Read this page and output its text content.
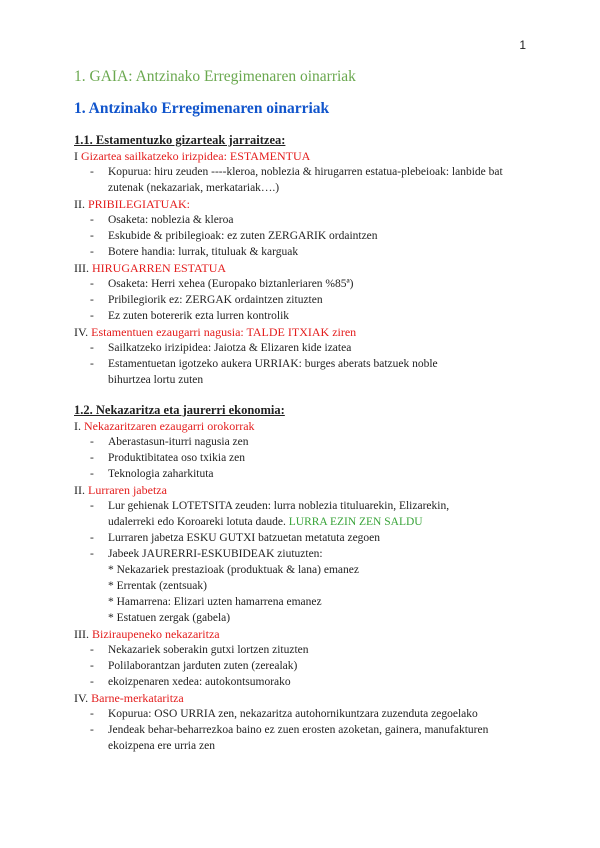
1
1. GAIA: Antzinako Erregimenaren oinarriak
1. Antzinako Erregimenaren oinarriak

1.1. Estamentuzko gizarteak jarraitzea:

I Gizartea sailkatzeko irizpidea: ESTAMENTUA

- Kopurua: hiru zeuden ----kleroa, noblezia & hirugarren estatua-plebeioak: lanbide bat

zutenak (nekazariak, merkatariak….)

II. PRIBILEGIATUAK:

- Osaketa: noblezia & kleroa

- Eskubide & pribilegioak: ez zuten ZERGARIK ordaintzen

- Botere handia: lurrak, tituluak & karguak

III. HIRUGARREN ESTATUA

- Osaketa: Herri xehea (Europako biztanleriaren %85ª)

- Pribilegiorik ez: ZERGAK ordaintzen zituzten

- Ez zuten botererik ezta lurren kontrolik

IV. Estamentuen ezaugarri nagusia: TALDE ITXIAK ziren

- Sailkatzeko irizipidea: Jaiotza & Elizaren kide izatea

- Estamentuetan igotzeko aukera URRIAK: burges aberats batzuek noble

bihurtzea lortu zuten

1.2. Nekazaritza eta jaurerri ekonomia:

I. Nekazaritzaren ezaugarri orokorrak

- Aberastasun-iturri nagusia zen

- Produktibitatea oso txikia zen

- Teknologia zaharkituta

II. Lurraren jabetza

- Lur gehienak LOTETSITA zeuden: lurra noblezia tituluarekin, Elizarekin,

udalerreki edo Koroareki lotuta daude. LURRA EZIN ZEN SALDU

- Lurraren jabetza ESKU GUTXI batzuetan metatuta zegoen

- Jabeek JAURERRI-ESKUBIDEAK ziutuzten:

* Nekazariek prestazioak (produktuak & lana) emanez

* Errentak (zentsuak)

* Hamarrena: Elizari uzten hamarrena emanez

* Estatuen zergak (gabela)

III. Biziraupeneko nekazaritza

- Nekazariek soberakin gutxi lortzen zituzten

- Polilaborantzan jarduten zuten (zerealak)

- ekoizpenaren xedea: autokontsumorako

IV. Barne-merkataritza

- Kopurua: OSO URRIA zen, nekazaritza autohornikuntzara zuzenduta zegoelako

- Jendeak behar-beharrezkoa baino ez zuen erosten azoketan, gainera, manufakturen

ekoizpena ere urria zen
